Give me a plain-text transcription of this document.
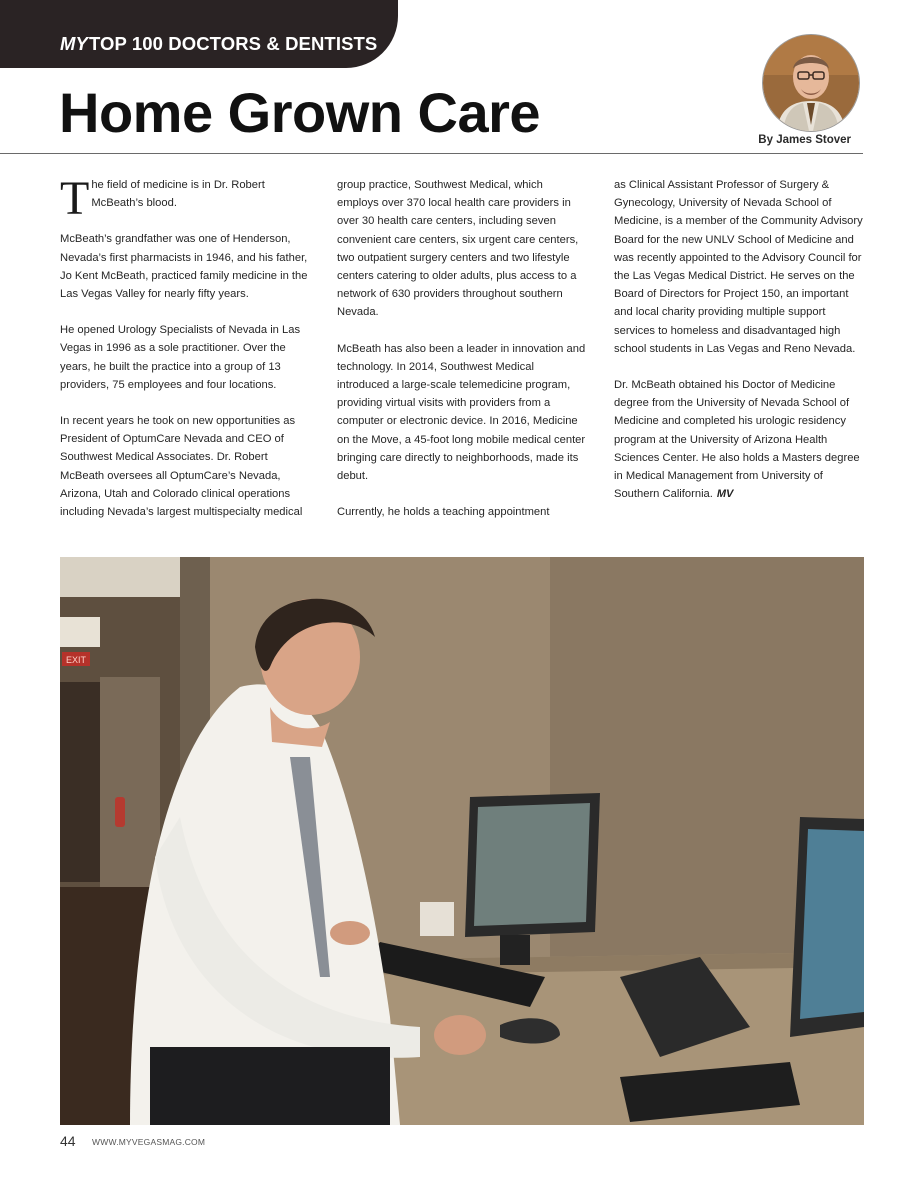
MYTOP 100 DOCTORS & DENTISTS
Home Grown Care	By James Stover

The field of medicine is in Dr. Robert McBeath’s blood.

McBeath’s grandfather was one of Henderson, Nevada’s first pharmacists in 1946, and his father, Jo Kent McBeath, practiced family medicine in the Las Vegas Valley for nearly fifty years.

He opened Urology Specialists of Nevada in Las Vegas in 1996 as a sole practitioner. Over the years, he built the practice into a group of 13 providers, 75 employees and four locations.

In recent years he took on new opportunities as President of OptumCare Nevada and CEO of Southwest Medical Associates. Dr. Robert McBeath oversees all OptumCare’s Nevada, Arizona, Utah and Colorado clinical operations including Nevada’s largest multispecialty medical

group practice, Southwest Medical, which employs over 370 local health care providers in over 30 health care centers, including seven convenient care centers, six urgent care centers, two outpatient surgery centers and two lifestyle centers catering to older adults, plus access to a network of 630 providers throughout southern Nevada.

McBeath has also been a leader in innovation and technology. In 2014, Southwest Medical introduced a large-scale telemedicine program, providing virtual visits with providers from a computer or electronic device. In 2016, Medicine on the Move, a 45-foot long mobile medical center bringing care directly to neighborhoods, made its debut.

Currently, he holds a teaching appointment

as Clinical Assistant Professor of Surgery & Gynecology, University of Nevada School of Medicine, is a member of the Community Advisory Board for the new UNLV School of Medicine and was recently appointed to the Advisory Council for the Las Vegas Medical District. He serves on the Board of Directors for Project 150, an important and local charity providing multiple support services to homeless and disadvantaged high school students in Las Vegas and Reno Nevada.

Dr. McBeath obtained his Doctor of Medicine degree from the University of Nevada School of Medicine and completed his urologic residency program at the University of Arizona Health Sciences Center. He also holds a Masters degree in Medical Management from University of Southern California. MV

EXIT
44 WWW.MYVEGASMAG.COM
